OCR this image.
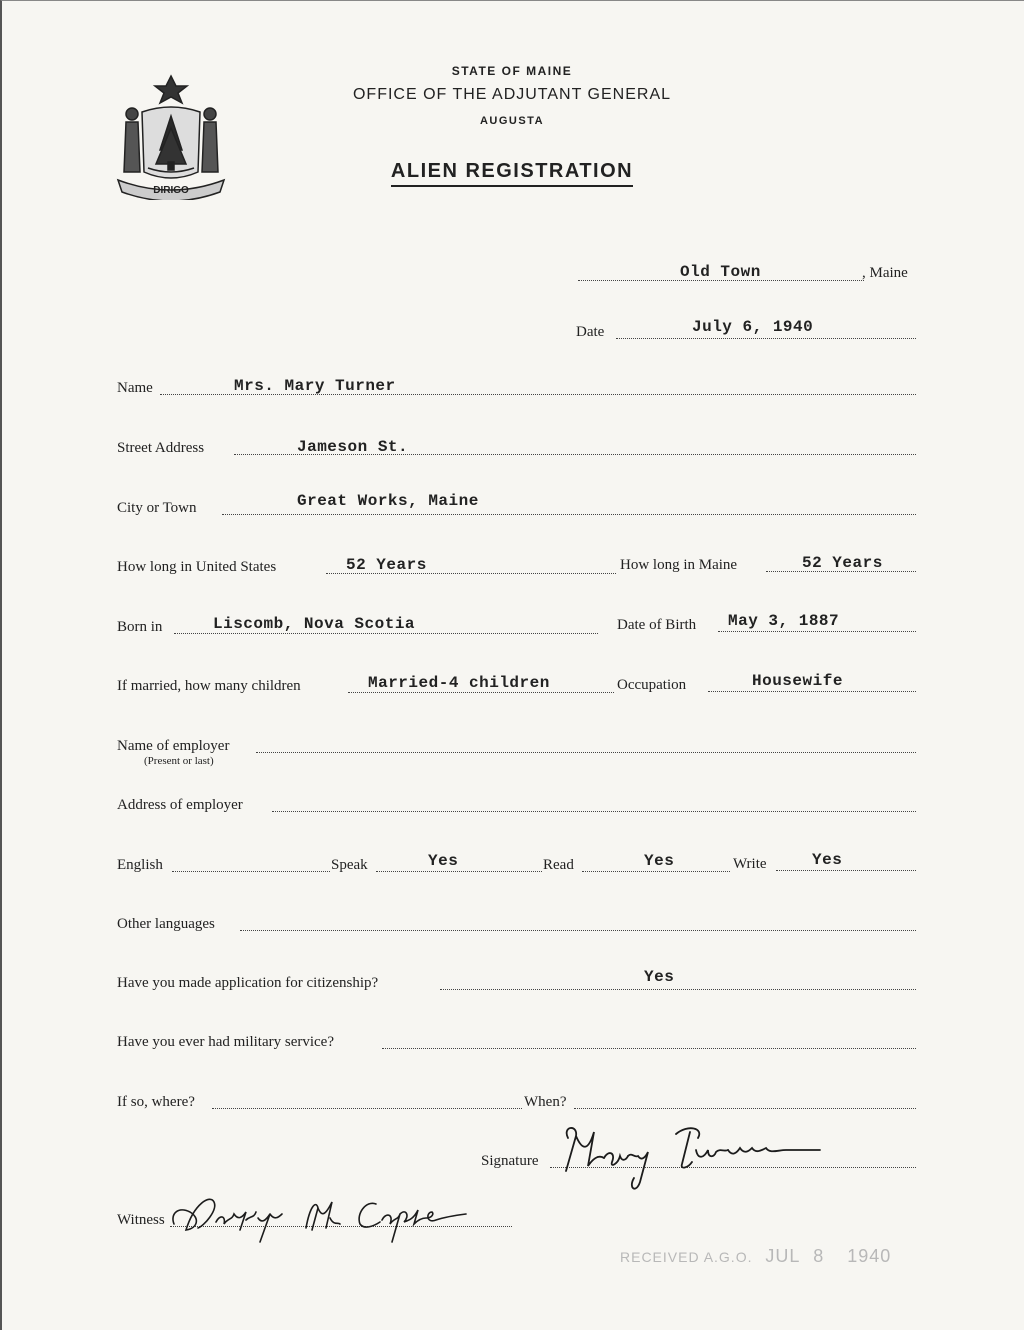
DIRIGO
STATE OF MAINE
OFFICE OF THE ADJUTANT GENERAL
AUGUSTA
ALIEN REGISTRATION
Old Town	, Maine
Date	July 6, 1940
Name	Mrs. Mary Turner
Street Address	Jameson St.
City or Town	Great Works, Maine
How long in United States	52 Years	How long in Maine	52 Years
Born in	Liscomb, Nova Scotia	Date of Birth May 3, 1887
If married, how many children	Married-4 children	Occupation	Housewife
Name of employer
(Present or last)
Address of employer
English	Speak	Yes	Read	Yes	Write	Yes
Other languages
Have you made application for citizenship?	Yes
Have you ever had military service?
If so, where?	When?
Signature
Witness
RECEIVED A.G.O. JUL 8 1940
